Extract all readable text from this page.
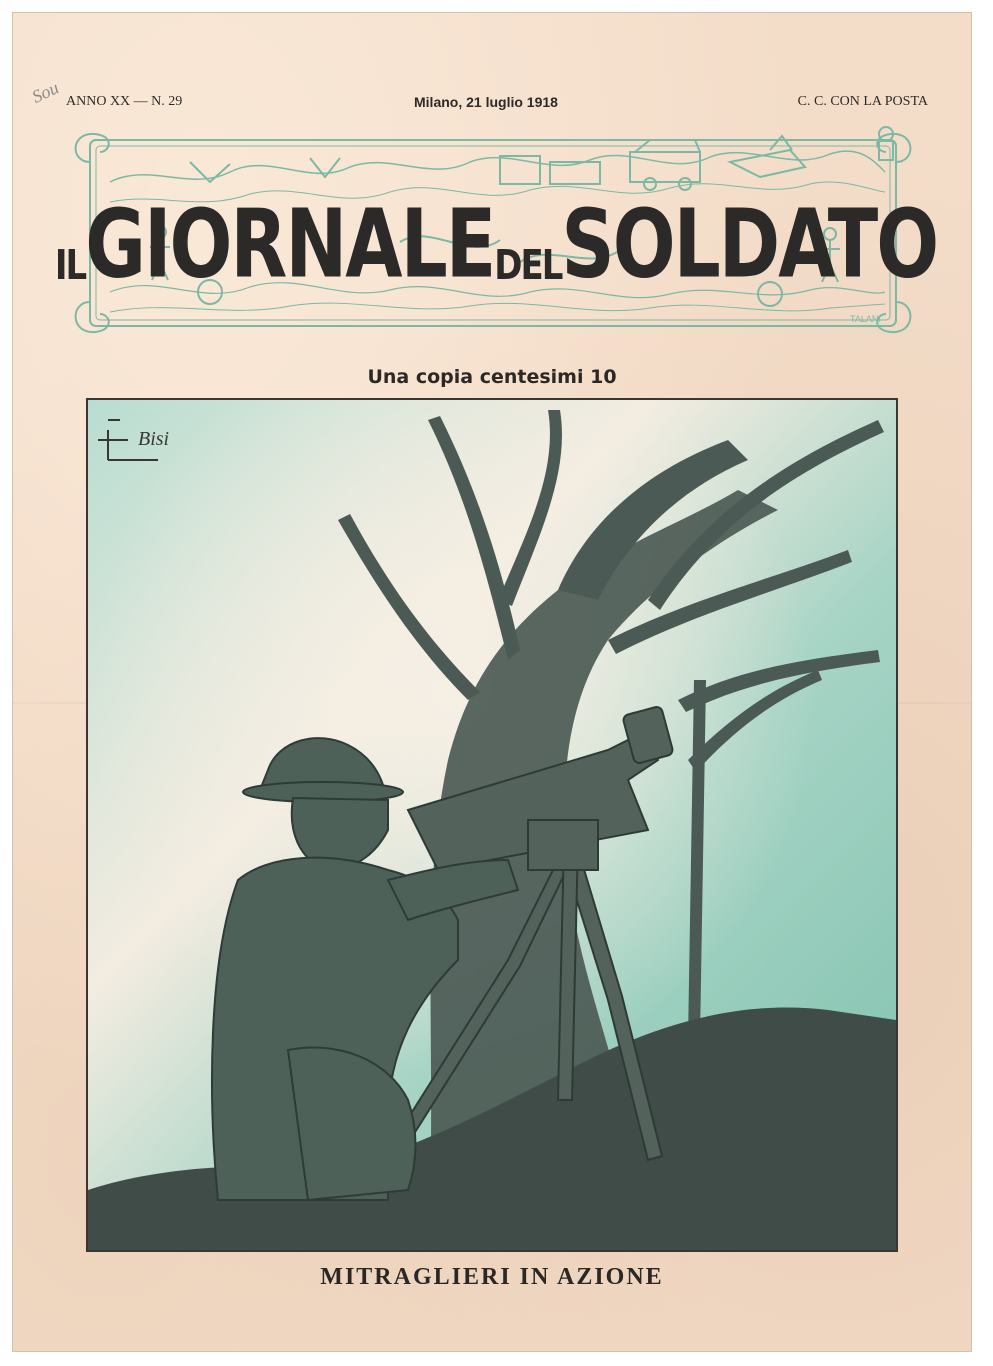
Sou ANNO XX — N. 29	Milano, 21 luglio 1918	C. C. CON LA POSTA
TALANI
IL GIORNALE DEL SOLDATO
Una copia centesimi 10
Bisi
MITRAGLIERI IN AZIONE
